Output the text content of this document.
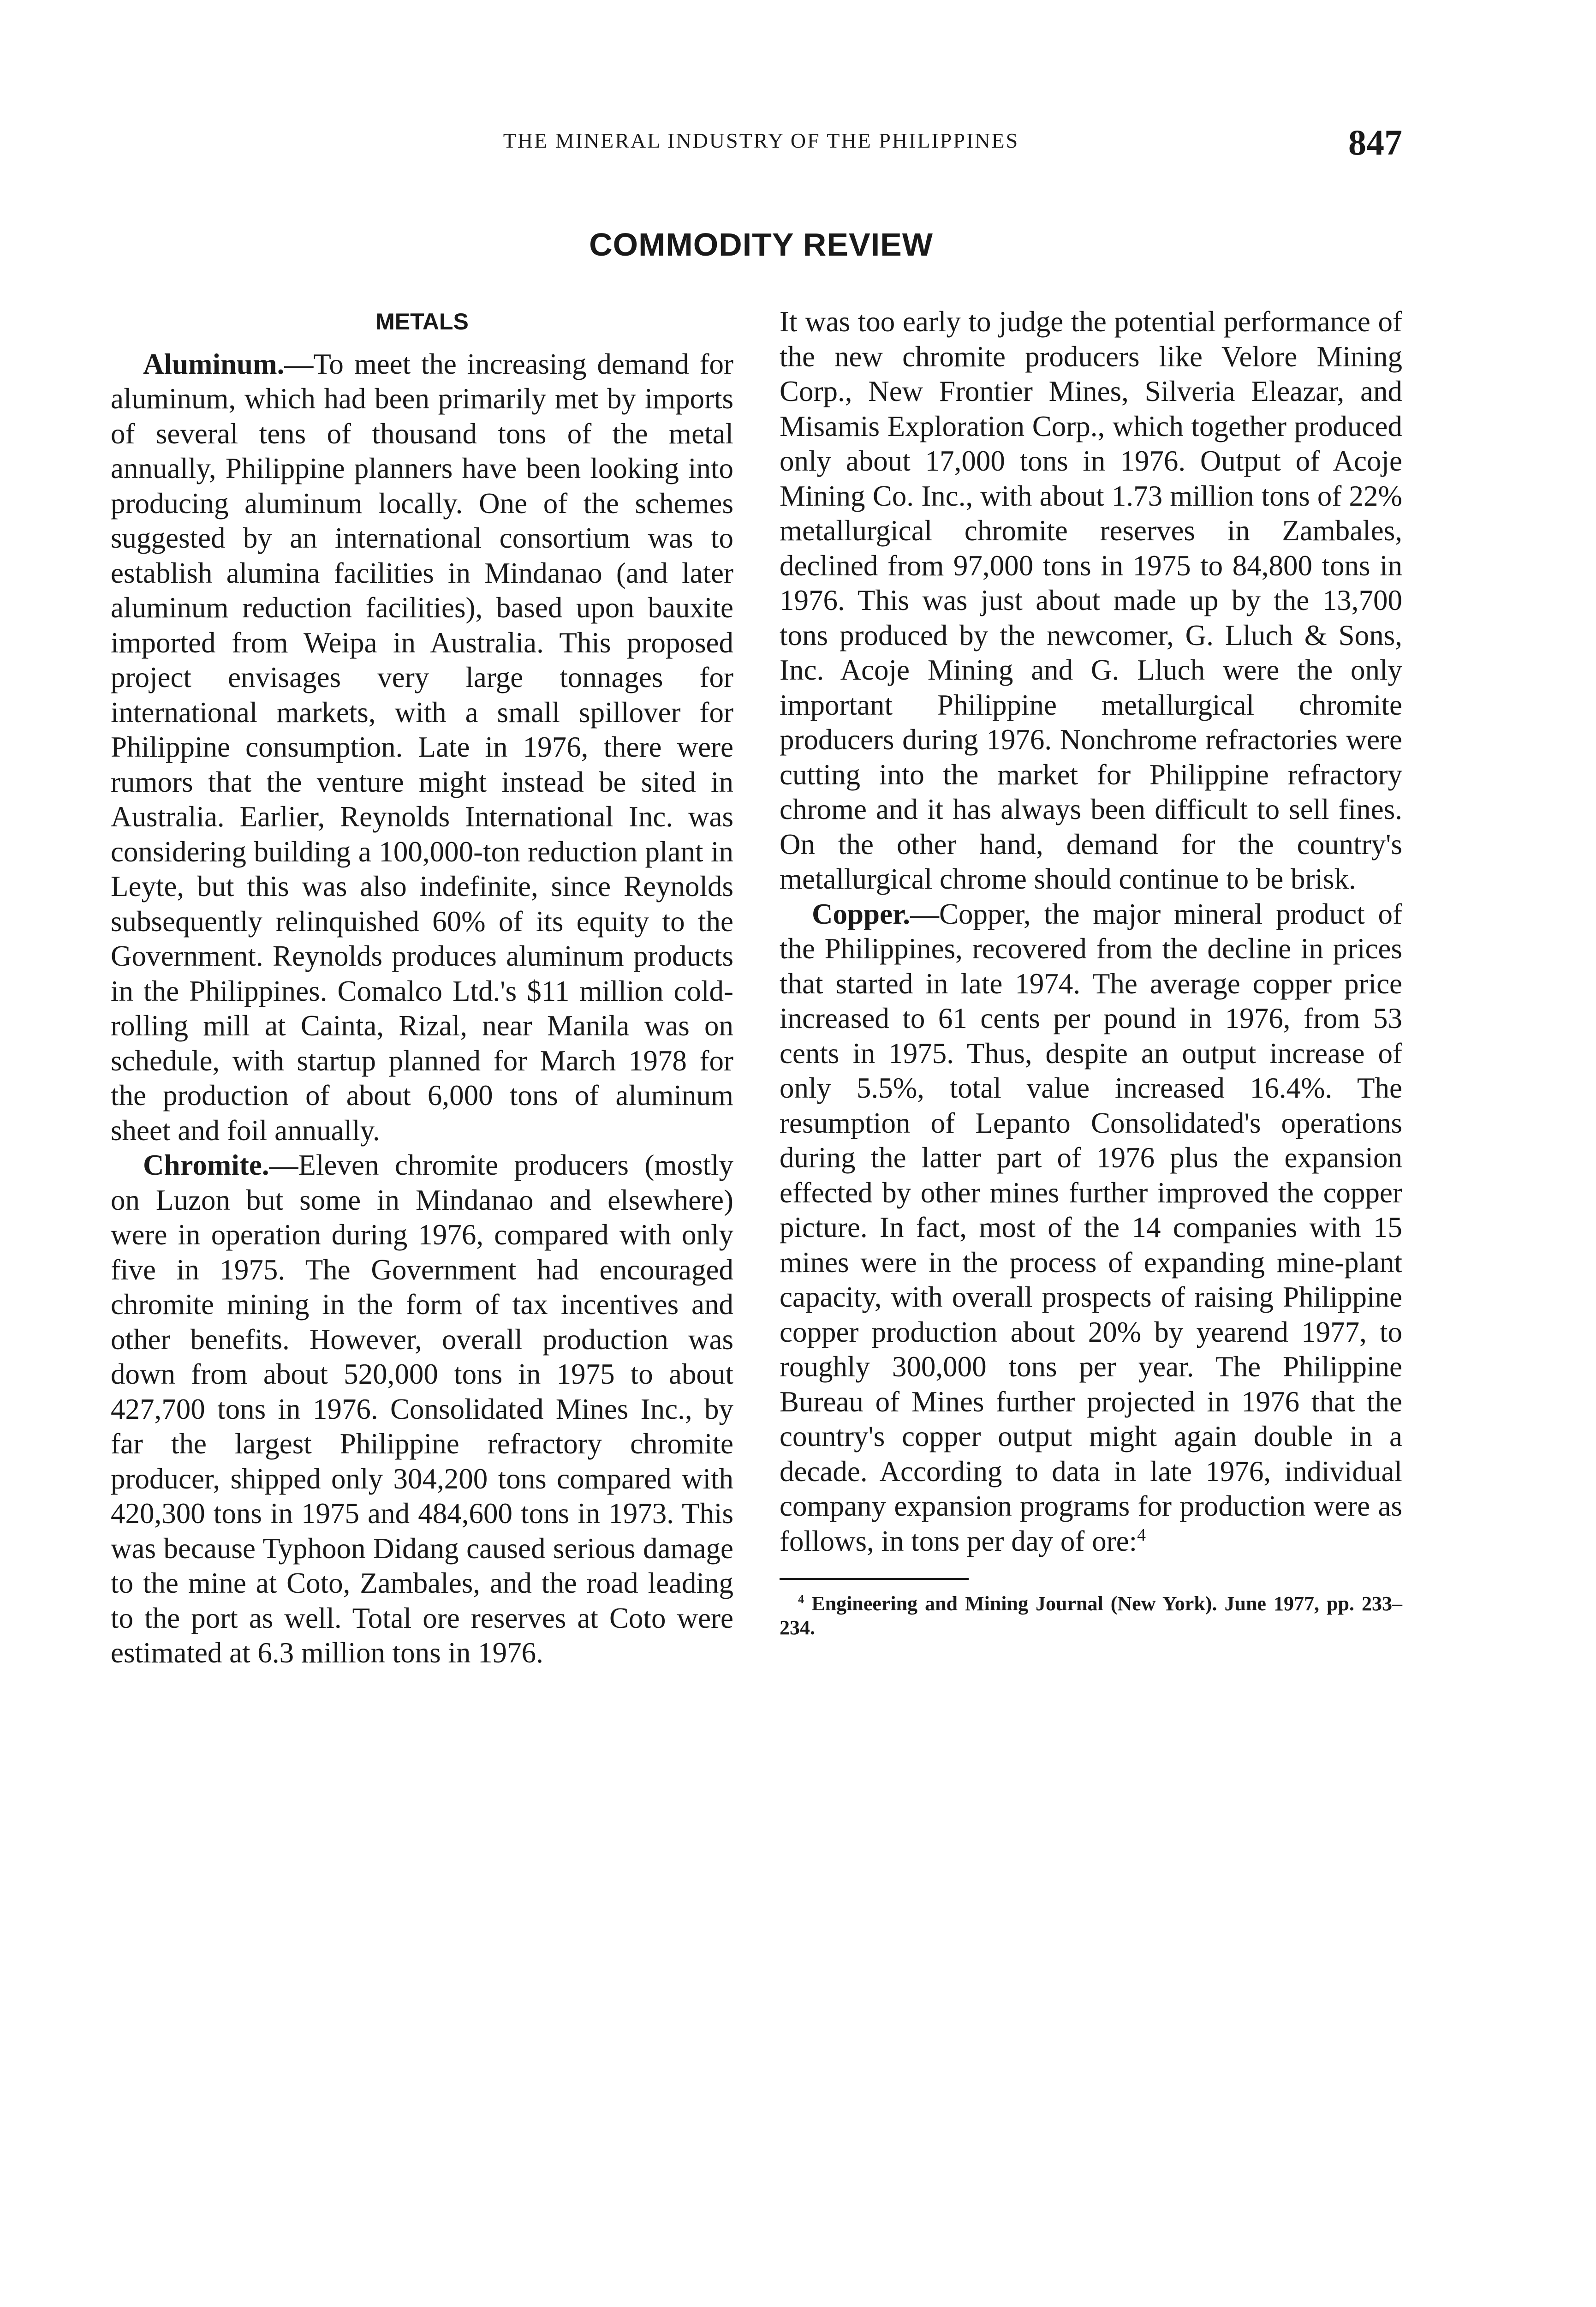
THE MINERAL INDUSTRY OF THE PHILIPPINES	847
COMMODITY REVIEW
METALS

Aluminum.—To meet the increasing demand for aluminum, which had been primarily met by imports of several tens of thousand tons of the metal annually, Philippine planners have been looking into producing aluminum locally. One of the schemes suggested by an international consortium was to establish alumina facilities in Mindanao (and later aluminum reduction facilities), based upon bauxite imported from Weipa in Australia. This proposed project envisages very large tonnages for international markets, with a small spillover for Philippine consumption. Late in 1976, there were rumors that the venture might instead be sited in Australia. Earlier, Reynolds International Inc. was considering building a 100,000-ton reduction plant in Leyte, but this was also indefinite, since Reynolds subsequently relinquished 60% of its equity to the Government. Reynolds produces aluminum products in the Philippines. Comalco Ltd.'s $11 million cold-rolling mill at Cainta, Rizal, near Manila was on schedule, with startup planned for March 1978 for the production of about 6,000 tons of aluminum sheet and foil annually.

Chromite.—Eleven chromite producers (mostly on Luzon but some in Mindanao and elsewhere) were in operation during 1976, compared with only five in 1975. The Government had encouraged chromite mining in the form of tax incentives and other benefits. However, overall production was down from about 520,000 tons in 1975 to about 427,700 tons in 1976. Consolidated Mines Inc., by far the largest Philippine refractory chromite producer, shipped only 304,200 tons compared with 420,300 tons in 1975 and 484,600 tons in 1973. This was because Typhoon Didang caused serious damage to the mine at Coto, Zambales, and the road leading to the port as well. Total ore reserves at Coto were estimated at 6.3 million tons in 1976.

It was too early to judge the potential performance of the new chromite producers like Velore Mining Corp., New Frontier Mines, Silveria Eleazar, and Misamis Exploration Corp., which together produced only about 17,000 tons in 1976. Output of Acoje Mining Co. Inc., with about 1.73 million tons of 22% metallurgical chromite reserves in Zambales, declined from 97,000 tons in 1975 to 84,800 tons in 1976. This was just about made up by the 13,700 tons produced by the newcomer, G. Lluch & Sons, Inc. Acoje Mining and G. Lluch were the only important Philippine metallurgical chromite producers during 1976. Nonchrome refractories were cutting into the market for Philippine refractory chrome and it has always been difficult to sell fines. On the other hand, demand for the country's metallurgical chrome should continue to be brisk.

Copper.—Copper, the major mineral product of the Philippines, recovered from the decline in prices that started in late 1974. The average copper price increased to 61 cents per pound in 1976, from 53 cents in 1975. Thus, despite an output increase of only 5.5%, total value increased 16.4%. The resumption of Lepanto Consolidated's operations during the latter part of 1976 plus the expansion effected by other mines further improved the copper picture. In fact, most of the 14 companies with 15 mines were in the process of expanding mine-plant capacity, with overall prospects of raising Philippine copper production about 20% by yearend 1977, to roughly 300,000 tons per year. The Philippine Bureau of Mines further projected in 1976 that the country's copper output might again double in a decade. According to data in late 1976, individual company expansion programs for production were as follows, in tons per day of ore:$^4$

$^4$ Engineering and Mining Journal (New York). June 1977, pp. 233–234.
